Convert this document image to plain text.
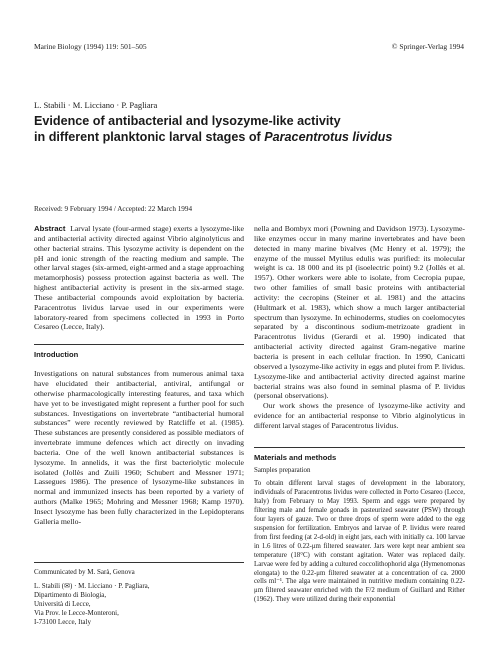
Marine Biology (1994) 119: 501–505	© Springer-Verlag 1994
L. Stabili · M. Licciano · P. Pagliara
Evidence of antibacterial and lysozyme-like activity
in different planktonic larval stages of Paracentrotus lividus
Received: 9 February 1994 / Accepted: 22 March 1994

Abstract Larval lysate (four-armed stage) exerts a lysozyme-like and antibacterial activity directed against Vibrio alginolyticus and other bacterial strains. This lysozyme activity is dependent on the pH and ionic strength of the reacting medium and sample. The other larval stages (six-armed, eight-armed and a stage approaching metamorphosis) possess protection against bacteria as well. The highest antibacterial activity is present in the six-armed stage. These antibacterial compounds avoid exploitation by bacteria. Paracentrotus lividus larvae used in our experiments were laboratory-reared from specimens collected in 1993 in Porto Cesareo (Lecce, Italy).

Introduction

Investigations on natural substances from numerous animal taxa have elucidated their antibacterial, antiviral, antifungal or otherwise pharmacologically interesting features, and taxa which have yet to be investigated might represent a further pool for such substances. Investigations on invertebrate “antibacterial humoral substances” were recently reviewed by Ratcliffe et al. (1985). These substances are presently considered as possible mediators of invertebrate immune defences which act directly on invading bacteria. One of the well known antibacterial substances is lysozyme. In annelids, it was the first bacteriolytic molecule isolated (Jollès and Zuili 1960; Schubert and Messner 1971; Lassegues 1986). The presence of lysozyme-like substances in normal and immunized insects has been reported by a variety of authors (Malke 1965; Mohring and Messner 1968; Kamp 1970). Insect lysozyme has been fully characterized in the Lepidopterans Galleria mello-

nella and Bombyx mori (Powning and Davidson 1973). Lysozyme-like enzymes occur in many marine invertebrates and have been detected in many marine bivalves (Mc Henry et al. 1979); the enzyme of the mussel Mytilus edulis was purified: its molecular weight is ca. 18 000 and its pI (isoelectric point) 9.2 (Jollès et al. 1957). Other workers were able to isolate, from Cecropia pupae, two other families of small basic proteins with antibacterial activity: the cecropins (Steiner et al. 1981) and the attacins (Hultmark et al. 1983), which show a much larger antibacterial spectrum than lysozyme. In echinoderms, studies on coelomocytes separated by a discontinous sodium-metrizoate gradient in Paracentrotus lividus (Gerardi et al. 1990) indicated that antibacterial activity directed against Gram-negative marine bacteria is present in each cellular fraction. In 1990, Canicatti observed a lysozyme-like activity in eggs and plutei from P. lividus. Lysozyme-like and antibacterial activity directed against marine bacterial strains was also found in seminal plasma of P. lividus (personal observations).

Our work shows the presence of lysozyme-like activity and evidence for an antibacterial response to Vibrio alginolyticus in different larval stages of Paracentrotus lividus.

Materials and methods
Samples preparation

To obtain different larval stages of development in the laboratory, individuals of Paracentrotus lividus were collected in Porto Cesareo (Lecce, Italy) from February to May 1993. Sperm and eggs were prepared by filtering male and female gonads in pasteurized seawater (PSW) through four layers of gauze. Two or three drops of sperm were added to the egg suspension for fertilization. Embryos and larvae of P. lividus were reared from first feeding (at 2-d-old) in eight jars, each with initially ca. 100 larvae in 1.6 litres of 0.22-μm filtered seawater. Jars were kept near ambient sea temperature (18°C) with constant agitation. Water was replaced daily. Larvae were fed by adding a cultured coccolithophorid alga (Hymenomonas elongata) to the 0.22-μm filtered seawater at a concentration of ca. 2000 cells ml⁻¹. The alga were maintained in nutritive medium containing 0.22-μm filtered seawater enriched with the F/2 medium of Guillard and Rither (1962). They were utilized during their exponential

Communicated by M. Sarà, Genova

L. Stabili (✉) · M. Licciano · P. Pagliara,

Dipartimento di Biologia,

Università di Lecce,

Via Prov. le Lecce-Monteroni,

I-73100 Lecce, Italy
